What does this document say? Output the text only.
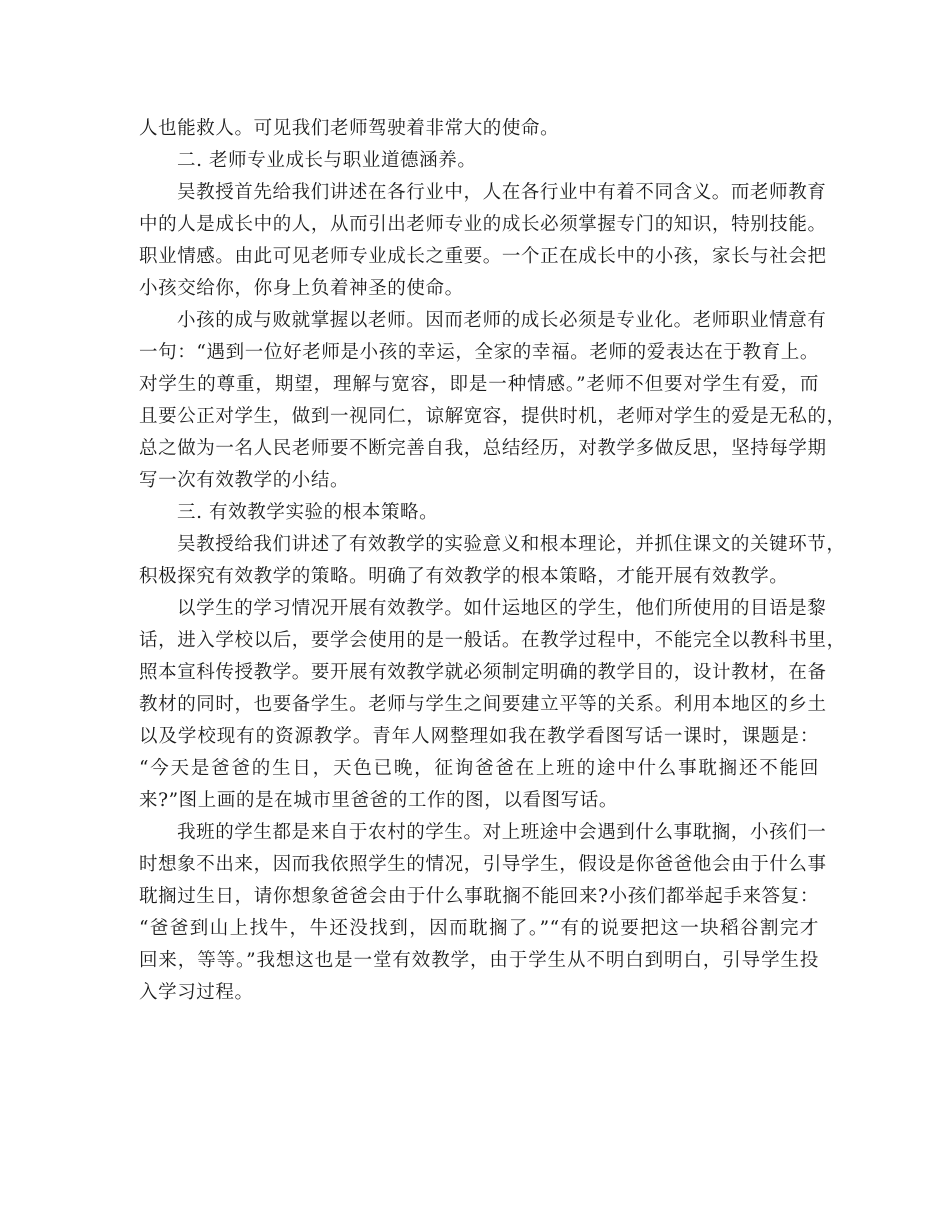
人也能救人。可见我们老师驾驶着非常大的使命。
二. 老师专业成长与职业道德涵养。
吴教授首先给我们讲述在各行业中，人在各行业中有着不同含义。而老师教育
中的人是成长中的人，从而引出老师专业的成长必须掌握专门的知识，特别技能。
职业情感。由此可见老师专业成长之重要。一个正在成长中的小孩，家长与社会把
小孩交给你，你身上负着神圣的使命。
小孩的成与败就掌握以老师。因而老师的成长必须是专业化。老师职业情意有
一句：“遇到一位好老师是小孩的幸运，全家的幸福。老师的爱表达在于教育上。
对学生的尊重，期望，理解与宽容，即是一种情感。”老师不但要对学生有爱，而
且要公正对学生，做到一视同仁，谅解宽容，提供时机，老师对学生的爱是无私的，
总之做为一名人民老师要不断完善自我，总结经历，对教学多做反思，坚持每学期
写一次有效教学的小结。
三. 有效教学实验的根本策略。
吴教授给我们讲述了有效教学的实验意义和根本理论，并抓住课文的关键环节，
积极探究有效教学的策略。明确了有效教学的根本策略，才能开展有效教学。
以学生的学习情况开展有效教学。如什运地区的学生，他们所使用的目语是黎
话，进入学校以后，要学会使用的是一般话。在教学过程中，不能完全以教科书里，
照本宣科传授教学。要开展有效教学就必须制定明确的教学目的，设计教材，在备
教材的同时，也要备学生。老师与学生之间要建立平等的关系。利用本地区的乡土
以及学校现有的资源教学。青年人网整理如我在教学看图写话一课时，课题是：
“今天是爸爸的生日，天色已晚，征询爸爸在上班的途中什么事耽搁还不能回
来?”图上画的是在城市里爸爸的工作的图，以看图写话。
我班的学生都是来自于农村的学生。对上班途中会遇到什么事耽搁，小孩们一
时想象不出来，因而我依照学生的情况，引导学生，假设是你爸爸他会由于什么事
耽搁过生日，请你想象爸爸会由于什么事耽搁不能回来?小孩们都举起手来答复：
“爸爸到山上找牛，牛还没找到，因而耽搁了。”“有的说要把这一块稻谷割完才
回来，等等。”我想这也是一堂有效教学，由于学生从不明白到明白，引导学生投
入学习过程。
